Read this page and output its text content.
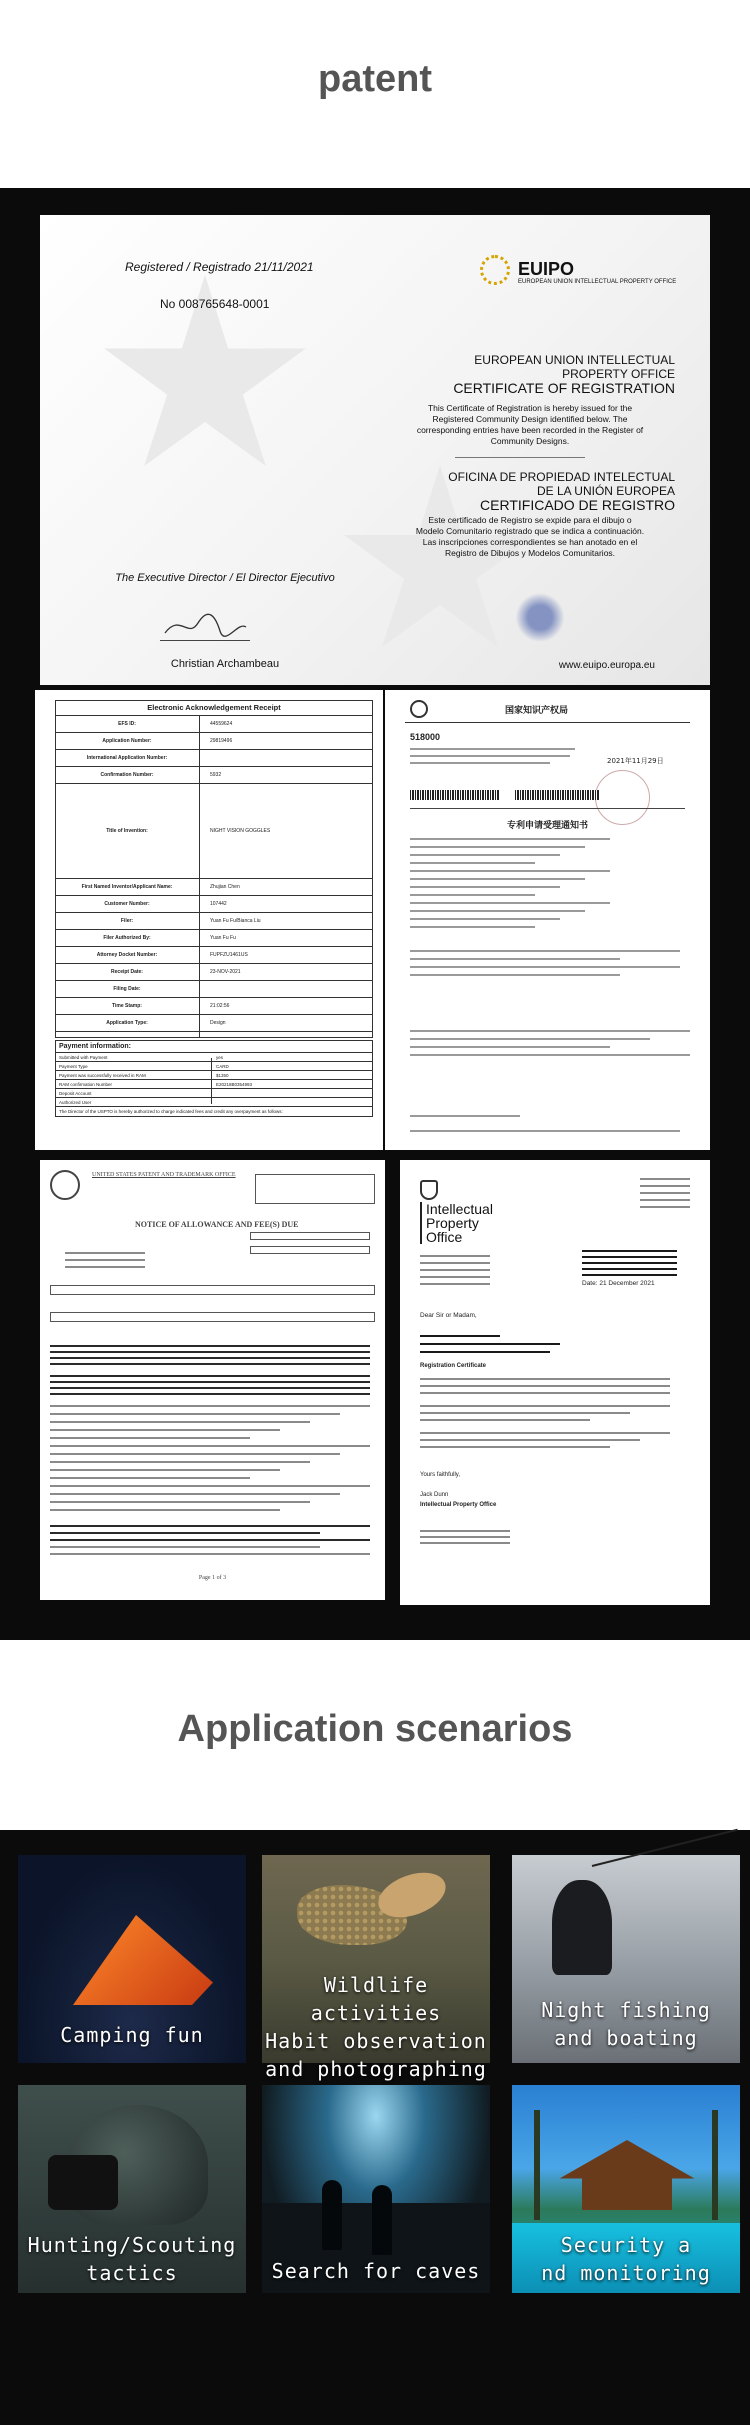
patent
Registered / Registrado 21/11/2021
No 008765648-0001
EUIPO
EUROPEAN UNION INTELLECTUAL PROPERTY OFFICE
EUROPEAN UNION INTELLECTUAL
PROPERTY OFFICE
CERTIFICATE OF REGISTRATION
This Certificate of Registration is hereby issued for the Registered Community Design identified below. The corresponding entries have been recorded in the Register of Community Designs.
OFICINA DE PROPIEDAD INTELECTUAL
DE LA UNIÓN EUROPEA
CERTIFICADO DE REGISTRO
Este certificado de Registro se expide para el dibujo o Modelo Comunitario registrado que se indica a continuación. Las inscripciones correspondientes se han anotado en el Registro de Dibujos y Modelos Comunitarios.
The Executive Director / El Director Ejecutivo
Christian Archambeau	www.euipo.europa.eu
Electronic Acknowledgement Receipt
EFS ID:	44559624
Application Number:	29819496
International Application Number:
Confirmation Number:	5932
Title of Invention:	NIGHT VISION GOGGLES
First Named Inventor/Applicant Name:	Zhujian Chen
Customer Number:	107442
Filer:	Yuan Fu Fu/Bianca Liu
Filer Authorized By:	Yuan Fu Fu
Attorney Docket Number:	FUPFZU1461US
Receipt Date:	23-NOV-2021
Filing Date:
Time Stamp:	21:02:56
Application Type:	Design
Payment information:
Submitted with Payment	yes
Payment Type	CARD
Payment was successfully received in RAM	$1350
RAM confirmation Number	E20218B0354993
Deposit Account
Authorized User
The Director of the USPTO is hereby authorized to charge indicated fees and credit any overpayment as follows:
国家知识产权局
518000
2021年11月29日
专利申请受理通知书
UNITED STATES PATENT AND TRADEMARK OFFICE
NOTICE OF ALLOWANCE AND FEE(S) DUE
Page 1 of 3
Intellectual
Property
Office
Date: 21 December 2021
Dear Sir or Madam,
Registration Certificate
Yours faithfully,
Jack Dunn
Intellectual Property Office
Application scenarios
Camping fun
Wildlife activities
Habit observation
and photographing
Night fishing
and boating
Hunting/Scouting
tactics	Search for caves
Security a
nd monitoring
